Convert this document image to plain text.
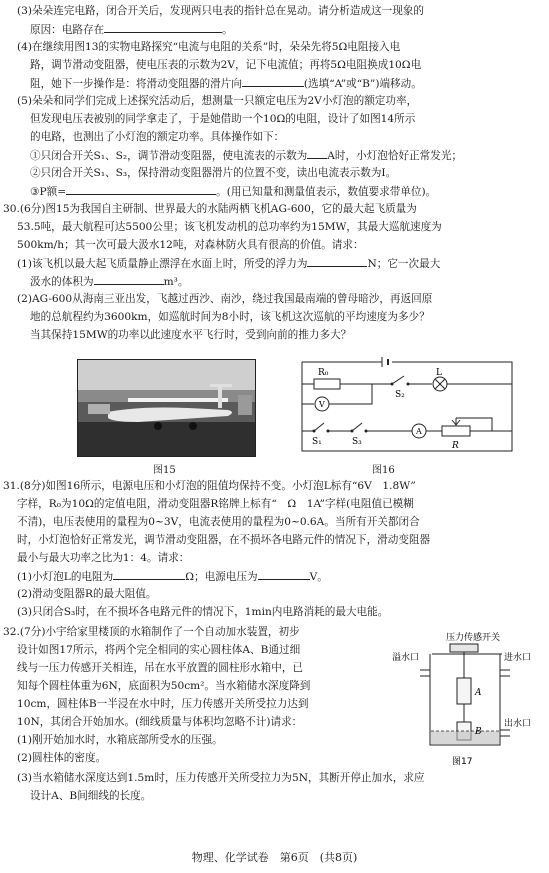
(3)朵朵连完电路，闭合开关后，发现两只电表的指针总在晃动。请分析造成这一现象的
原因：电路存在	。
(4)在继续用图13的实物电路探究“电流与电阻的关系”时，朵朵先将5Ω电阻接入电
路，调节滑动变阻器，使电压表的示数为2V，记下电流值；再将5Ω电阻换成10Ω电
阻，她下一步操作是：将滑动变阻器的滑片向	(选填“A”或“B”)端移动。
(5)朵朵和同学们完成上述探究活动后，想测量一只额定电压为2V小灯泡的额定功率，
但发现电压表被别的同学拿走了，于是她借助一个10Ω的电阻，设计了如图14所示
的电路，也测出了小灯泡的额定功率。具体操作如下：
①只闭合开关S₁、S₂，调节滑动变阻器，使电流表的示数为 A时，小灯泡恰好正常发光；
②只闭合开关S₁、S₃，保持滑动变阻器滑片的位置不变，读出电流表示数为I。
③P额=	。(用已知量和测量值表示，数值要求带单位)。
30.(6分)图15为我国自主研制、世界最大的水陆两栖飞机AG-600，它的最大起飞质量为
53.5吨，最大航程可达5500公里；该飞机发动机的总功率约为15MW，其最大巡航速度为
500km/h；其一次可最大汲水12吨，对森林防火具有很高的价值。请求：
(1)该飞机以最大起飞质量静止漂浮在水面上时，所受的浮力为	N；它一次最大
汲水的体积为	m³。
(2)AG-600从海南三亚出发，飞越过西沙、南沙，绕过我国最南端的曾母暗沙，再返回原
地的总航程约为3600km，如巡航时间为8小时，该飞机这次巡航的平均速度为多少？
当其保持15MW的功率以此速度水平飞行时，受到向前的推力多大？
图15
R₀	L
V
S₂
A
S₁	S₃	R
图16
31.(8分)如图16所示，电源电压和小灯泡的阻值均保持不变。小灯泡L标有“6V　1.8W”
字样，R₀为10Ω的定值电阻，滑动变阻器R铭牌上标有“　Ω　1A”字样(电阻值已模糊
不清)，电压表使用的量程为0~3V，电流表使用的量程为0~0.6A。当所有开关都闭合
时，小灯泡恰好正常发光，调节滑动变阻器，在不损坏各电路元件的情况下，滑动变阻器
最小与最大功率之比为1：4。请求：
(1)小灯泡L的电阻为	Ω；电源电压为	V。
(2)滑动变阻器R的最大阻值。
(3)只闭合S₃时，在不损坏各电路元件的情况下，1min内电路消耗的最大电能。
32.(7分)小宇给家里楼顶的水箱制作了一个自动加水装置，初步
设计如图17所示，将两个完全相同的实心圆柱体A、B通过细
线与一压力传感开关相连，吊在水平放置的圆柱形水箱中，已
知每个圆柱体重为6N，底面积为50cm²。当水箱储水深度降到
10cm，圆柱体B一半浸在水中时，压力传感开关所受拉力达到
10N，其闭合开始加水。(细线质量与体积均忽略不计)请求：
(1)刚开始加水时，水箱底部所受水的压强。
(2)圆柱体的密度。
(3)当水箱储水深度达到1.5m时，压力传感开关所受拉力为5N，其断开停止加水，求应
设计A、B间细线的长度。
压力传感开关
溢水口	进水口
出水口
A
B
图17
物理、化学试卷　第6页　(共8页)
